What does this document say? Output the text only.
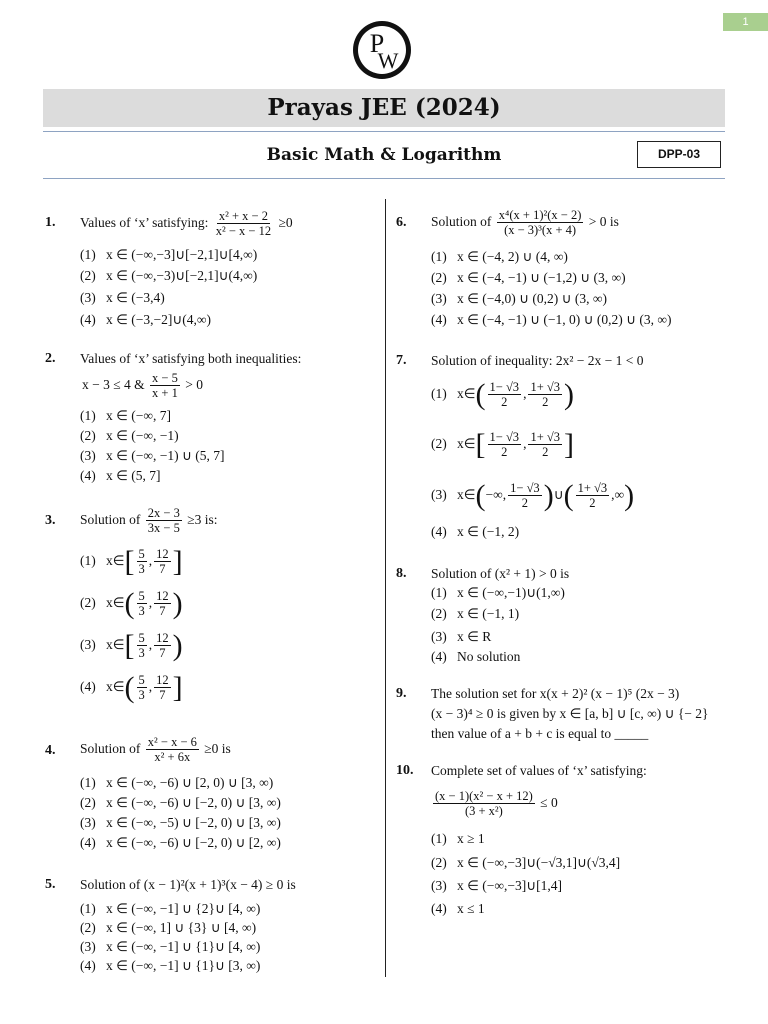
1
P
W
Prayas JEE (2024)
Basic Math & Logarithm	DPP-03
1. Values of ‘x’ satisfying: $\frac{\text{x² + x − 2}}{\text{x² − x − 12}} \ge 0$
(1) x ∈ (−∞,−3]∪[−2,1]∪[4,∞)
(2) x ∈ (−∞,−3)∪[−2,1]∪(4,∞)
(3) x ∈ (−3,4)
(4) x ∈ (−3,−2]∪(4,∞)
2. Values of ‘x’ satisfying both inequalities:
x − 3 ≤ 4 & $\frac{x - 5}{x + 1} > 0$
(1) x ∈ (−∞, 7]
(2) x ∈ (−∞, −1)
(3) x ∈ (−∞, −1) ∪ (5, 7]
(4) x ∈ (5, 7]
3. Solution of $\frac{2x - 3}{3x - 5} \ge 3$ is:
(1) x∈[ $\frac{5}{3}$ , $\frac{12}{7}$ ]
(2) x∈( $\frac{5}{3}$ , $\frac{12}{7}$ )
(3) x∈[ $\frac{5}{3}$ , $\frac{12}{7}$ )
(4) x∈( $\frac{5}{3}$ , $\frac{12}{7}$ ]
4. Solution of $\frac{\text{x² − x − 6}}{\text{x² + 6x}} \ge 0$ is
(1) x ∈ (−∞, −6) ∪ [2, 0) ∪ [3, ∞)
(2) x ∈ (−∞, −6) ∪ [−2, 0) ∪ [3, ∞)
(3) x ∈ (−∞, −5) ∪ [−2, 0) ∪ [3, ∞)
(4) x ∈ (−∞, −6) ∪ [−2, 0) ∪ [2, ∞)
5. Solution of (x − 1)²(x + 1)³(x − 4) ≥ 0 is
(1) x ∈ (−∞, −1] ∪ {2}∪ [4, ∞)
(2) x ∈ (−∞, 1] ∪ {3} ∪ [4, ∞)
(3) x ∈ (−∞, −1] ∪ {1}∪ [4, ∞)
(4) x ∈ (−∞, −1] ∪ {1}∪ [3, ∞)
6. Solution of $\frac{\text{x⁴(x + 1)²(x − 2)}}{\text{(x − 3)³(x + 4)}} > 0$ is
(1) x ∈ (−4, 2) ∪ (4, ∞)
(2) x ∈ (−4, −1) ∪ (−1,2) ∪ (3, ∞)
(3) x ∈ (−4,0) ∪ (0,2) ∪ (3, ∞)
(4) x ∈ (−4, −1) ∪ (−1, 0) ∪ (0,2) ∪ (3, ∞)
7. Solution of inequality: 2x² − 2x − 1 < 0
(1) x∈( $\frac{1- √3}{2}$ , $\frac{1+ √3}{2}$ )
(2) x∈[ $\frac{1- √3}{2}$ , $\frac{1+ √3}{2}$ ]
(3) x∈(−∞, $\frac{1- √3}{2}$ )∪( $\frac{1+ √3}{2}$ ,∞)
(4) x ∈ (−1, 2)
8. Solution of (x² + 1) > 0 is
(1) x ∈ (−∞,−1)∪(1,∞)
(2) x ∈ (−1, 1)
(3) x ∈ R
(4) No solution
9. The solution set for x(x + 2)² (x − 1)⁵ (2x − 3)
(x − 3)⁴ ≥ 0 is given by x ∈ [a, b] ∪ [c, ∞) ∪ {− 2}
then value of a + b + c is equal to _____
10. Complete set of values of ‘x’ satisfying:
$\frac{\text{(x − 1)(x² − x + 12)}}{\text{(3 + x²)}} \le 0$
(1) x ≥ 1
(2) x ∈ (−∞,−3]∪(−√3,1]∪(√3,4]
(3) x ∈ (−∞,−3]∪[1,4]
(4) x ≤ 1
